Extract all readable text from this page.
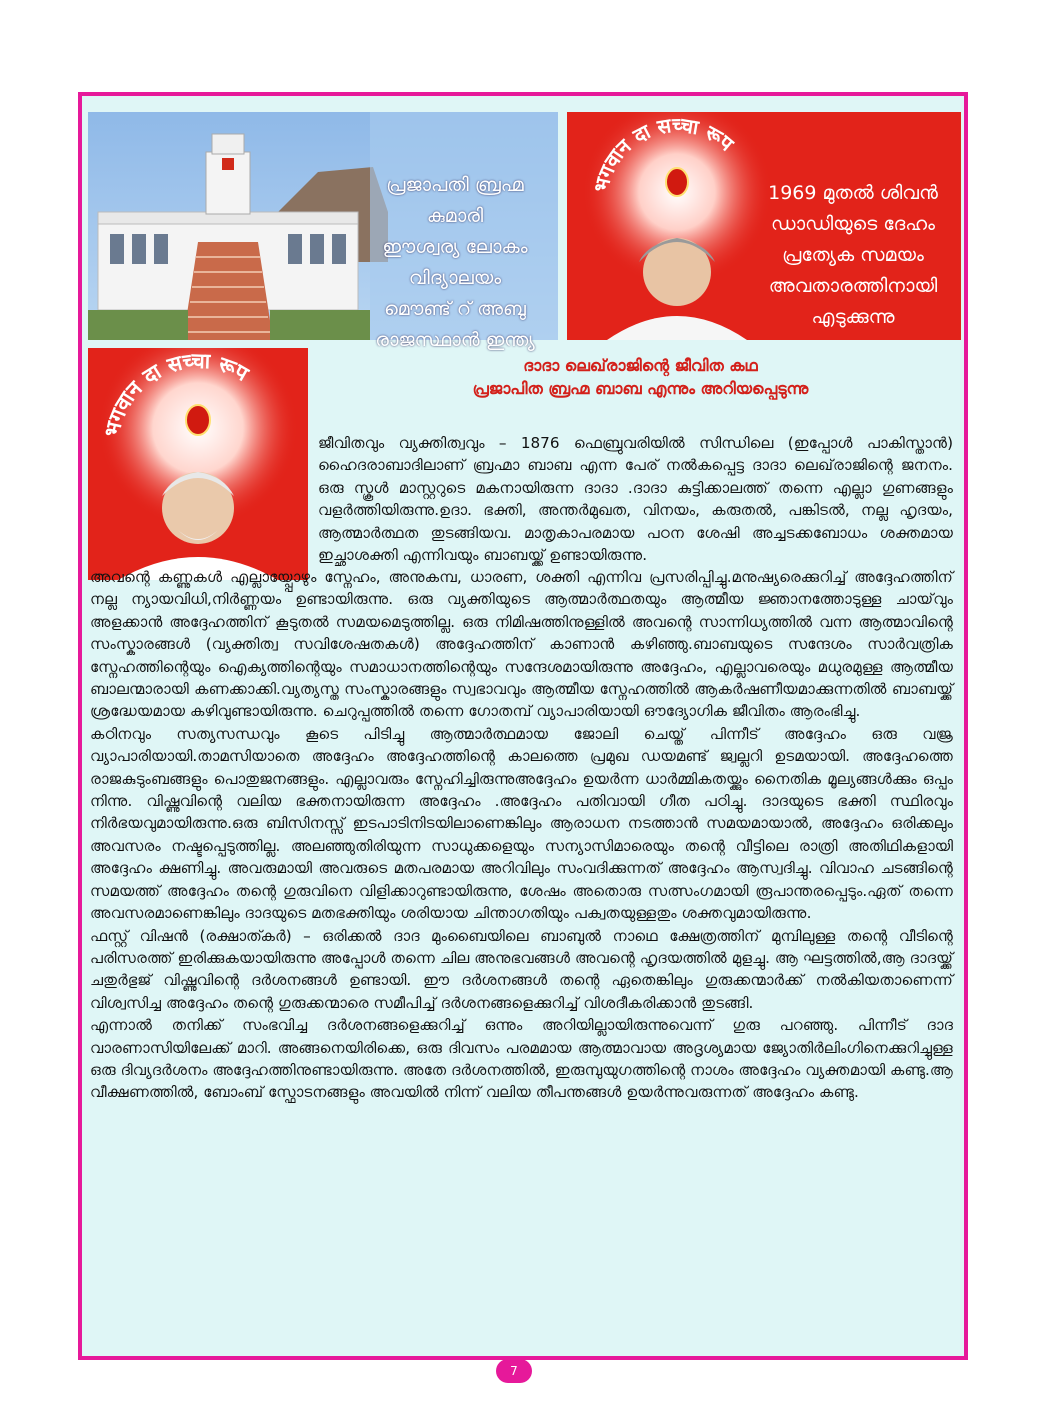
പ്രജാപതി ബ്രഹ്മ കുമാരി
ഈശ്വര്യ ലോകം
വിദ്യാലയം
മൌണ്ട് റ് അബു
രാജസ്ഥാൻ ഇന്ത്യ
भगवान दा सच्चा रूप
1969 മുതൽ ശിവൻ
ഡാഡിയുടെ ദേഹം
പ്രത്യേക സമയം
അവതാരത്തിനായി
എടുക്കുന്നു
भगवान दा सच्चा रूप	ദാദാ ലെഖ്‌രാജിന്റെ ജീവിത കഥ
പ്രജാപിത ബ്രഹ്മ ബാബ എന്നും അറിയപ്പെടുന്നു

ജീവിതവും വ്യക്തിത്വവും – 1876 ഫെബ്രുവരിയിൽ സിന്ധിലെ (ഇപ്പോൾ പാകിസ്താൻ) ഹൈദരാബാദിലാണ് ബ്രഹ്മാ ബാബ എന്ന പേര് നൽകപ്പെട്ട ദാദാ ലെഖ്‌രാജിന്റെ ജനനം. ഒരു സ്കൂൾ മാസ്റ്ററുടെ മകനായിരുന്ന ദാദാ .ദാദാ കുട്ടിക്കാലത്ത് തന്നെ എല്ലാ ഗുണങ്ങളും വളർത്തിയിരുന്നു.ഉദാ. ഭക്തി, അന്തർമുഖത, വിനയം, കരുതൽ, പങ്കിടൽ, നല്ല ഹൃദയം, ആത്മാർത്ഥത തുടങ്ങിയവ. മാതൃകാപരമായ പഠന ശേഷി അച്ചടക്കബോധം ശക്തമായ ഇച്ഛാശക്തി എന്നിവയും ബാബയ്ക്ക് ഉണ്ടായിരുന്നു.

അവന്റെ കണ്ണുകൾ എല്ലായ്പ്പോഴും സ്നേഹം, അനുകമ്പ, ധാരണ, ശക്തി എന്നിവ പ്രസരിപ്പിച്ചു.മനുഷ്യരെക്കുറിച്ച് അദ്ദേഹത്തിന് നല്ല ന്യായവിധി,നിർണ്ണയം ഉണ്ടായിരുന്നു. ഒരു വ്യക്തിയുടെ ആത്മാർത്ഥതയും ആത്മീയ ജ്ഞാനത്തോടുള്ള ചായ്‌വും അളക്കാൻ അദ്ദേഹത്തിന് കൂടുതൽ സമയമെടുത്തില്ല. ഒരു നിമിഷത്തിനുള്ളിൽ അവന്റെ സാന്നിധ്യത്തിൽ വന്ന ആത്മാവിന്റെ സംസ്കാരങ്ങൾ (വ്യക്തിത്വ സവിശേഷതകൾ) അദ്ദേഹത്തിന് കാണാൻ കഴിഞ്ഞു.ബാബയുടെ സന്ദേശം സാർവത്രിക സ്നേഹത്തിന്റെയും ഐക്യത്തിന്റെയും സമാധാനത്തിന്റെയും സന്ദേശമായിരുന്നു അദ്ദേഹം, എല്ലാവരെയും മധുരമുള്ള ആത്മീയ ബാലന്മാരായി കണക്കാക്കി.വ്യത്യസ്ത സംസ്കാരങ്ങളും സ്വഭാവവും ആത്മീയ സ്നേഹത്തിൽ ആകർഷണീയമാക്കുന്നതിൽ ബാബയ്ക്ക് ശ്രദ്ധേയമായ കഴിവുണ്ടായിരുന്നു. ചെറുപ്പത്തിൽ തന്നെ ഗോതമ്പ് വ്യാപാരിയായി ഔദ്യോഗിക ജീവിതം ആരംഭിച്ചു.

കഠിനവും സത്യസന്ധവും കൂടെ പിടിച്ചു ആത്മാർത്ഥമായ ജോലി ചെയ്ത് പിന്നീട് അദ്ദേഹം ഒരു വജ്ര വ്യാപാരിയായി.താമസിയാതെ അദ്ദേഹം അദ്ദേഹത്തിന്റെ കാലത്തെ പ്രമുഖ ഡയമണ്ട് ജ്വല്ലറി ഉടമയായി. അദ്ദേഹത്തെ രാജകുടുംബങ്ങളും പൊതുജനങ്ങളും. എല്ലാവരും സ്നേഹിച്ചിരുന്നുഅദ്ദേഹം ഉയർന്ന ധാർമ്മികതയ്ക്കും നൈതിക മൂല്യങ്ങൾക്കും ഒപ്പം നിന്നു. വിഷ്ണുവിന്റെ വലിയ ഭക്തനായിരുന്ന അദ്ദേഹം .അദ്ദേഹം പതിവായി ഗീത പഠിച്ചു. ദാദയുടെ ഭക്തി സ്ഥിരവും നിർഭയവുമായിരുന്നു.ഒരു ബിസിനസ്സ് ഇടപാടിനിടയിലാണെങ്കിലും ആരാധന നടത്താൻ സമയമായാൽ, അദ്ദേഹം ഒരിക്കലും അവസരം നഷ്ടപ്പെടുത്തില്ല. അലഞ്ഞുതിരിയുന്ന സാധുക്കളെയും സന്യാസിമാരെയും തന്റെ വീട്ടിലെ രാത്രി അതിഥികളായി അദ്ദേഹം ക്ഷണിച്ചു. അവരുമായി അവരുടെ മതപരമായ അറിവിലും സംവദിക്കുന്നത് അദ്ദേഹം ആസ്വദിച്ചു. വിവാഹ ചടങ്ങിന്റെ സമയത്ത് അദ്ദേഹം തന്റെ ഗുരുവിനെ വിളിക്കാറുണ്ടായിരുന്നു, ശേഷം അതൊരു സത്സംഗമായി രൂപാന്തരപ്പെടും.ഏത് തന്നെ അവസരമാണെങ്കിലും ദാദയുടെ മതഭക്തിയും ശരിയായ ചിന്താഗതിയും പക്വതയുള്ളതും ശക്തവുമായിരുന്നു.

ഫസ്റ്റ് വിഷൻ (രക്ഷാത്കർ) – ഒരിക്കൽ ദാദ മുംബൈയിലെ ബാബുൽ നാഥെ ക്ഷേത്രത്തിന് മുമ്പിലുള്ള തന്റെ വീടിന്റെ പരിസരത്ത് ഇരിക്കുകയായിരുന്നു അപ്പോൾ തന്നെ ചില അനുഭവങ്ങൾ അവന്റെ ഹൃദയത്തിൽ മുളച്ചു. ആ ഘട്ടത്തിൽ,ആ ദാദയ്ക്ക് ചതുർഭുജ് വിഷ്ണുവിന്റെ ദർശനങ്ങൾ ഉണ്ടായി. ഈ ദർശനങ്ങൾ തന്റെ ഏതെങ്കിലും ഗുരുക്കന്മാർക്ക് നൽകിയതാണെന്ന് വിശ്വസിച്ച അദ്ദേഹം തന്റെ ഗുരുക്കന്മാരെ സമീപിച്ച് ദർശനങ്ങളെക്കുറിച്ച് വിശദീകരിക്കാൻ തുടങ്ങി.

എന്നാൽ തനിക്ക് സംഭവിച്ച ദർശനങ്ങളെക്കുറിച്ച് ഒന്നും അറിയില്ലായിരുന്നുവെന്ന് ഗുരു പറഞ്ഞു. പിന്നീട് ദാദ വാരണാസിയിലേക്ക് മാറി. അങ്ങനെയിരിക്കെ, ഒരു ദിവസം പരമമായ ആത്മാവായ അദൃശ്യമായ ജ്യോതിർലിംഗിനെക്കുറിച്ചുള്ള ഒരു ദിവ്യദർശനം അദ്ദേഹത്തിനുണ്ടായിരുന്നു. അതേ ദർശനത്തിൽ, ഇരുമ്പുയുഗത്തിന്റെ നാശം അദ്ദേഹം വ്യക്തമായി കണ്ടു.ആ വീക്ഷണത്തിൽ, ബോംബ് സ്ഫോടനങ്ങളും അവയിൽ നിന്ന് വലിയ തീപന്തങ്ങൾ ഉയർന്നുവരുന്നത് അദ്ദേഹം കണ്ടു.

7
